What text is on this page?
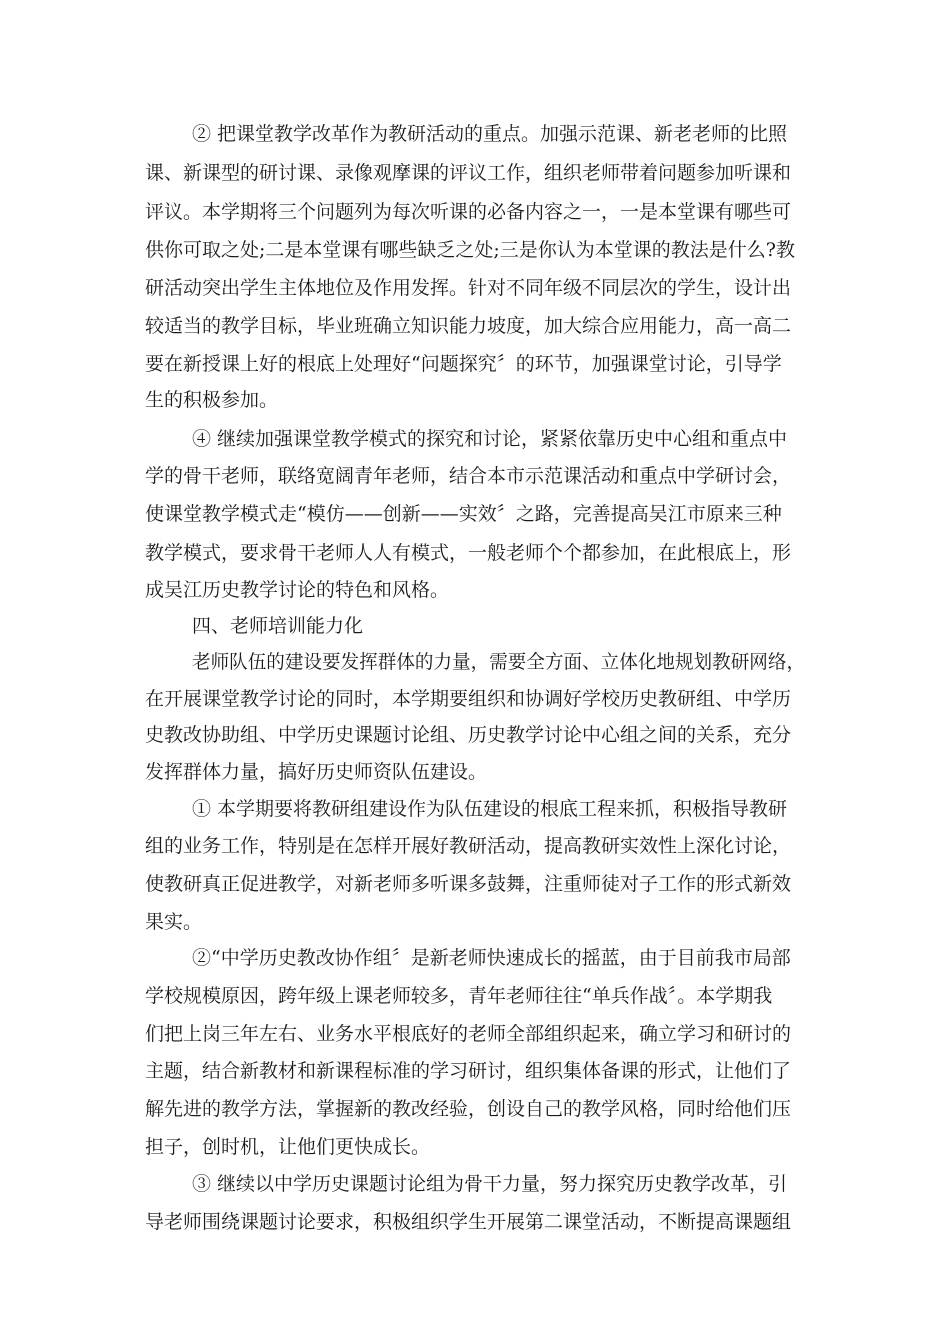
② 把课堂教学改革作为教研活动的重点。加强示范课、新老老师的比照

课、新课型的研讨课、录像观摩课的评议工作，组织老师带着问题参加听课和

评议。本学期将三个问题列为每次听课的必备内容之一，一是本堂课有哪些可

供你可取之处;二是本堂课有哪些缺乏之处;三是你认为本堂课的教法是什么?教

研活动突出学生主体地位及作用发挥。针对不同年级不同层次的学生，设计出

较适当的教学目标，毕业班确立知识能力坡度，加大综合应用能力，高一高二

要在新授课上好的根底上处理好“问题探究〞的环节，加强课堂讨论，引导学

生的积极参加。

④ 继续加强课堂教学模式的探究和讨论，紧紧依靠历史中心组和重点中

学的骨干老师，联络宽阔青年老师，结合本市示范课活动和重点中学研讨会，

使课堂教学模式走“模仿——创新——实效〞之路，完善提高吴江市原来三种

教学模式，要求骨干老师人人有模式，一般老师个个都参加，在此根底上，形

成吴江历史教学讨论的特色和风格。

四、老师培训能力化

老师队伍的建设要发挥群体的力量，需要全方面、立体化地规划教研网络，

在开展课堂教学讨论的同时，本学期要组织和协调好学校历史教研组、中学历

史教改协助组、中学历史课题讨论组、历史教学讨论中心组之间的关系，充分

发挥群体力量，搞好历史师资队伍建设。

① 本学期要将教研组建设作为队伍建设的根底工程来抓，积极指导教研

组的业务工作，特别是在怎样开展好教研活动，提高教研实效性上深化讨论，

使教研真正促进教学，对新老师多听课多鼓舞，注重师徒对子工作的形式新效

果实。

②“中学历史教改协作组〞是新老师快速成长的摇蓝，由于目前我市局部

学校规模原因，跨年级上课老师较多，青年老师往往“单兵作战〞。本学期我

们把上岗三年左右、业务水平根底好的老师全部组织起来，确立学习和研讨的

主题，结合新教材和新课程标准的学习研讨，组织集体备课的形式，让他们了

解先进的教学方法，掌握新的教改经验，创设自己的教学风格，同时给他们压

担子，创时机，让他们更快成长。

③ 继续以中学历史课题讨论组为骨干力量，努力探究历史教学改革，引

导老师围绕课题讨论要求，积极组织学生开展第二课堂活动，不断提高课题组
